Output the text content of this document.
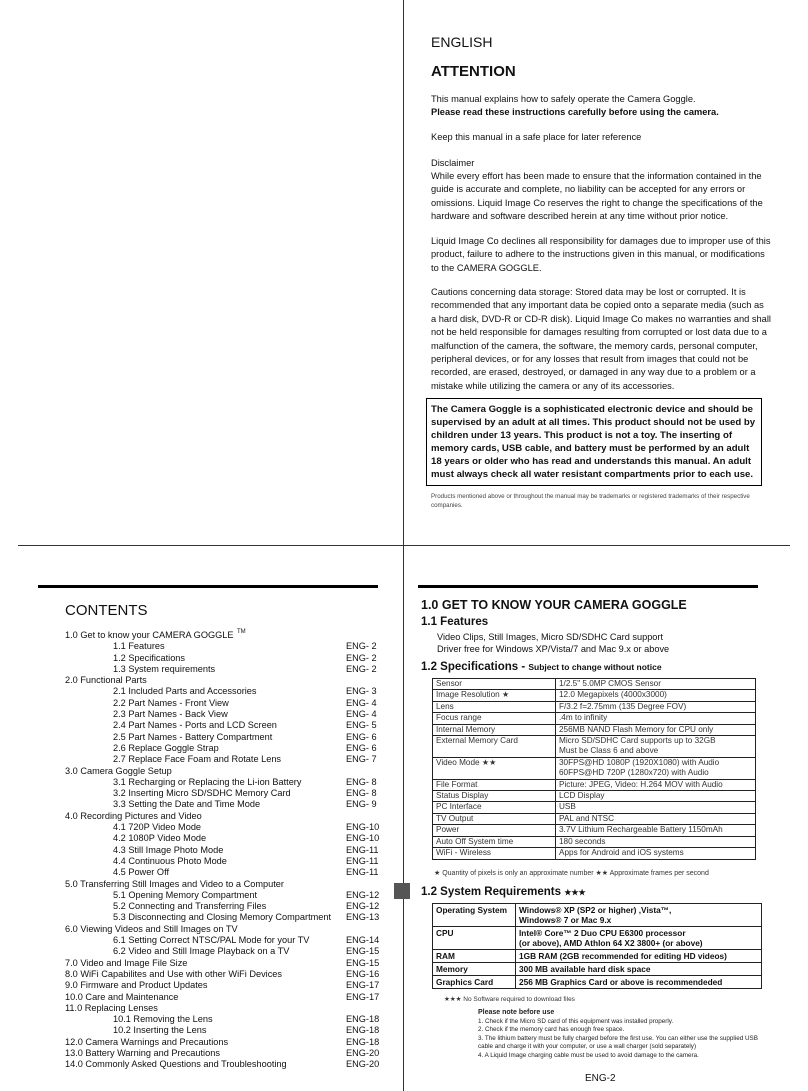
ENGLISH
ATTENTION
This manual explains how to safely operate the Camera Goggle.
Please read these instructions carefully before using the camera.
Keep this manual in a safe place for later reference
Disclaimer
While every effort has been made to ensure that the information contained in the guide is accurate and complete, no liability can be accepted for any errors or omissions. Liquid Image Co reserves the right to change the specifications of the hardware and software described herein at any time without prior notice.
Liquid Image Co declines all responsibility for damages due to improper use of this product, failure to adhere to the instructions given in this manual, or modifications to the CAMERA GOGGLE.
Cautions concerning data storage: Stored data may be lost or corrupted. It is recommended that any important data be copied onto a separate media (such as a hard disk, DVD-R or CD-R disk). Liquid Image Co makes no warranties and shall not be held responsible for damages resulting from corrupted or lost data due to a malfunction of the camera, the software, the memory cards, personal computer, peripheral devices, or for any losses that result from images that could not be recorded, are erased, destroyed, or damaged in any way due to a problem or a mistake while utilizing the camera or any of its accessories.
The Camera Goggle is a sophisticated electronic device and should be supervised by an adult at all times. This product should not be used by children under 13 years. This product is not a toy. The inserting of memory cards, USB cable, and battery must be performed by an adult 18 years or older who has read and understands this manual. An adult must always check all water resistant compartments prior to each use.
Products mentioned above or throughout the manual may be trademarks or registered trademarks of their respective companies.
CONTENTS
1.0 Get to know your CAMERA GOGGLE TM
1.1 Features	ENG- 2
1.2 Specifications	ENG- 2
1.3 System requirements	ENG- 2
2.0 Functional Parts
2.1 Included Parts and Accessories	ENG- 3
2.2 Part Names - Front View	ENG- 4
2.3 Part Names - Back View	ENG- 4
2.4 Part Names - Ports and LCD Screen	ENG- 5
2.5 Part Names - Battery Compartment	ENG- 6
2.6 Replace Goggle Strap	ENG- 6
2.7 Replace Face Foam and Rotate Lens	ENG- 7
3.0 Camera Goggle Setup
3.1 Recharging or Replacing the Li-ion Battery	ENG- 8
3.2 Inserting Micro SD/SDHC Memory Card	ENG- 8
3.3 Setting the Date and Time Mode	ENG- 9
4.0 Recording Pictures and Video
4.1 720P Video Mode	ENG-10
4.2 1080P Video Mode	ENG-10
4.3 Still Image Photo Mode	ENG-11
4.4 Continuous Photo Mode	ENG-11
4.5 Power Off	ENG-11
5.0 Transferring Still Images and Video to a Computer
5.1 Opening Memory Compartment	ENG-12
5.2 Connecting and Transferring Files	ENG-12
5.3 Disconnecting and Closing Memory Compartment ENG-13
6.0 Viewing Videos and Still Images on TV
6.1 Setting Correct NTSC/PAL Mode for your TV	ENG-14
6.2 Video and Still Image Playback on a TV	ENG-15
7.0 Video and Image File Size	ENG-15
8.0 WiFi Capabilites and Use with other WiFi Devices	ENG-16
9.0 Firmware and Product Updates	ENG-17
10.0 Care and Maintenance	ENG-17
11.0 Replacing Lenses
10.1 Removing the Lens	ENG-18
10.2 Inserting the Lens	ENG-18
12.0 Camera Warnings and Precautions	ENG-18
13.0 Battery Warning and Precautions	ENG-20
14.0 Commonly Asked Questions and Troubleshooting	ENG-20
1.0 GET TO KNOW YOUR CAMERA GOGGLE
1.1 Features
Video Clips, Still Images, Micro SD/SDHC Card support
Driver free for Windows XP/Vista/7 and Mac 9.x or above
1.2 Specifications - Subject to change without notice
Sensor	1/2.5" 5.0MP CMOS Sensor
Image Resolution ★	12.0 Megapixels (4000x3000)
Lens	F/3.2 f=2.75mm (135 Degree FOV)
Focus range	.4m to infinity
Internal Memory	256MB NAND Flash Memory for CPU only
External Memory Card	Micro SD/SDHC Card supports up to 32GB
Must be Class 6 and above
Video Mode ★★	30FPS@HD 1080P (1920X1080) with Audio
60FPS@HD 720P (1280x720) with Audio
File Format	Picture: JPEG, Video: H.264 MOV with Audio
Status Display	LCD Display
PC Interface	USB
TV Output	PAL and NTSC
Power	3.7V Lithium Rechargeable Battery 1150mAh
Auto Off System time	180 seconds
WiFi - Wireless	Apps for Android and iOS systems
★ Quantity of pixels is only an approximate number ★★ Approximate frames per second
1.2 System Requirements ★★★
Operating System	Windows® XP (SP2 or higher) ,Vista™,
Windows® 7 or Mac 9.x
CPU	Intel® Core™ 2 Duo CPU E6300 processor
(or above), AMD Athlon 64 X2 3800+ (or above)
RAM	1GB RAM (2GB recommended for editing HD videos)
Memory	300 MB available hard disk space
Graphics Card	256 MB Graphics Card or above is recommendeded
★★★ No Software required to download files
Please note before use
1. Check if the Micro SD card of this equipment was installed properly.
2. Check if the memory card has enough free space.
3. The lithium battery must be fully charged before the first use. You can either use the supplied USB cable and charge it with your computer, or use a wall charger (sold separately)
4. A Liquid Image charging cable must be used to avoid damage to the camera.
ENG-2
